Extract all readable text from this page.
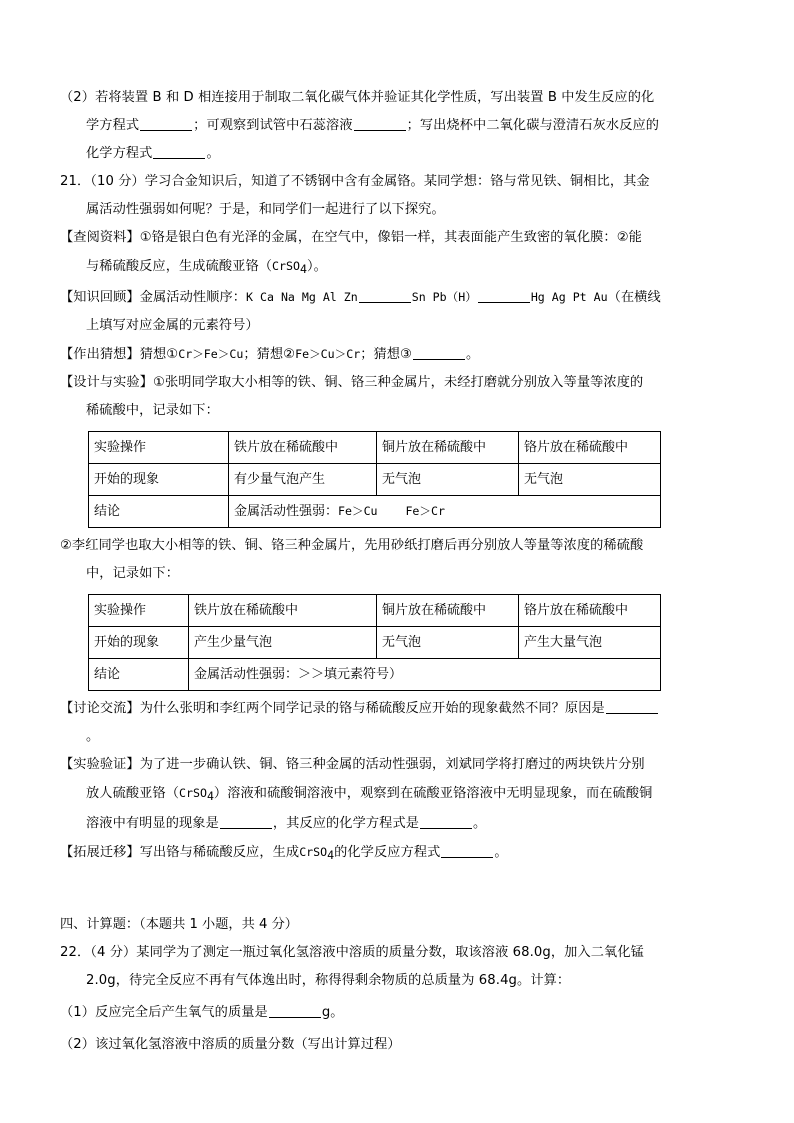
（2）若将装置 B 和 D 相连接用于制取二氧化碳气体并验证其化学性质，写出装置 B 中发生反应的化

学方程式	；可观察到试管中石蕊溶液	；写出烧杯中二氧化碳与澄清石灰水反应的

化学方程式	。

21．（10 分）学习合金知识后，知道了不锈钢中含有金属铬。某同学想：铬与常见铁、铜相比，其金

属活动性强弱如何呢？于是，和同学们一起进行了以下探究。

【查阅资料】①铬是银白色有光泽的金属，在空气中，像铝一样，其表面能产生致密的氧化膜：②能

与稀硫酸反应，生成硫酸亚铬（CrSO4）。

【知识回顾】金属活动性顺序：K Ca Na Mg Al Zn	Sn Pb（H）	Hg Ag Pt Au（在横线

上填写对应金属的元素符号）

【作出猜想】猜想①Cr＞Fe＞Cu；猜想②Fe＞Cu＞Cr；猜想③	。

【设计与实验】①张明同学取大小相等的铁、铜、铬三种金属片，未经打磨就分别放入等量等浓度的

稀硫酸中，记录如下：

实验操作	铁片放在稀硫酸中	铜片放在稀硫酸中	铬片放在稀硫酸中
开始的现象	有少量气泡产生	无气泡	无气泡
结论	金属活动性强弱：Fe＞Cu Fe＞Cr		

②李红同学也取大小相等的铁、铜、铬三种金属片，先用砂纸打磨后再分别放人等量等浓度的稀硫酸

中，记录如下：

实验操作	铁片放在稀硫酸中	铜片放在稀硫酸中	铬片放在稀硫酸中
开始的现象	产生少量气泡	无气泡	产生大量气泡
结论	金属活动性强弱：＞＞填元素符号）		

【讨论交流】为什么张明和李红两个同学记录的铬与稀硫酸反应开始的现象截然不同？原因是

。

【实验验证】为了进一步确认铁、铜、铬三种金属的活动性强弱，刘斌同学将打磨过的两块铁片分别

放人硫酸亚铬（CrSO4）溶液和硫酸铜溶液中，观察到在硫酸亚铬溶液中无明显现象，而在硫酸铜

溶液中有明显的现象是	，其反应的化学方程式是	。

【拓展迁移】写出铬与稀硫酸反应，生成CrSO4的化学反应方程式	。

四、计算题：（本题共 1 小题，共 4 分）

22．（4 分）某同学为了测定一瓶过氧化氢溶液中溶质的质量分数，取该溶液 68.0g，加入二氧化锰

2.0g，待完全反应不再有气体逸出时，称得得剩余物质的总质量为 68.4g。计算：

（1）反应完全后产生氧气的质量是	g。

（2）该过氧化氢溶液中溶质的质量分数（写出计算过程）
